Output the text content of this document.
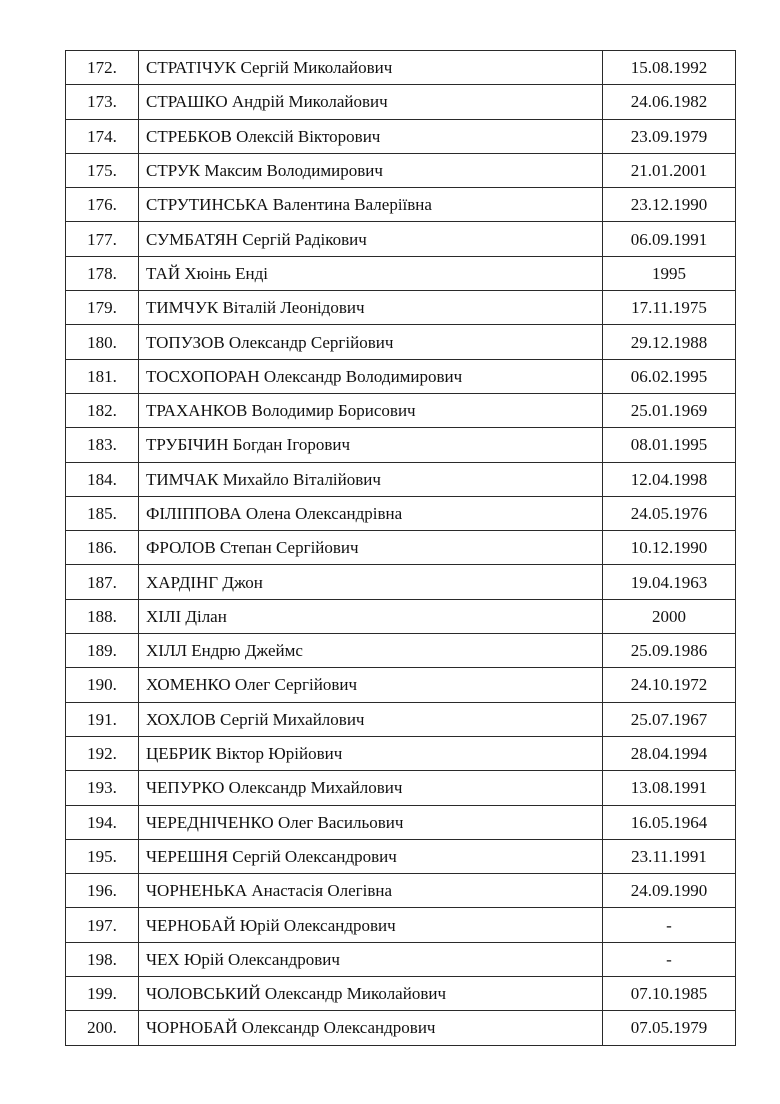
172.	СТРАТІЧУК Сергій Миколайович	15.08.1992
173.	СТРАШКО Андрій Миколайович	24.06.1982
174.	СТРЕБКОВ Олексій Вікторович	23.09.1979
175.	СТРУК Максим Володимирович	21.01.2001
176.	СТРУТИНСЬКА Валентина Валеріївна	23.12.1990
177.	СУМБАТЯН Сергій Радікович	06.09.1991
178.	ТАЙ Хюінь Енді	1995
179.	ТИМЧУК Віталій Леонідович	17.11.1975
180.	ТОПУЗОВ Олександр Сергійович	29.12.1988
181.	ТОСХОПОРАН Олександр Володимирович	06.02.1995
182.	ТРАХАНКОВ Володимир Борисович	25.01.1969
183.	ТРУБІЧИН Богдан Ігорович	08.01.1995
184.	ТИМЧАК Михайло Віталійович	12.04.1998
185.	ФІЛІППОВА Олена Олександрівна	24.05.1976
186.	ФРОЛОВ Степан Сергійович	10.12.1990
187.	ХАРДІНГ Джон	19.04.1963
188.	ХІЛІ Ділан	2000
189.	ХІЛЛ Ендрю Джеймс	25.09.1986
190.	ХОМЕНКО Олег Сергійович	24.10.1972
191.	ХОХЛОВ Сергій Михайлович	25.07.1967
192.	ЦЕБРИК Віктор Юрійович	28.04.1994
193.	ЧЕПУРКО Олександр Михайлович	13.08.1991
194.	ЧЕРЕДНІЧЕНКО Олег Васильович	16.05.1964
195.	ЧЕРЕШНЯ Сергій Олександрович	23.11.1991
196.	ЧОРНЕНЬКА Анастасія Олегівна	24.09.1990
197.	ЧЕРНОБАЙ Юрій Олександрович	-
198.	ЧЕХ Юрій Олександрович	-
199.	ЧОЛОВСЬКИЙ Олександр Миколайович	07.10.1985
200.	ЧОРНОБАЙ Олександр Олександрович	07.05.1979
